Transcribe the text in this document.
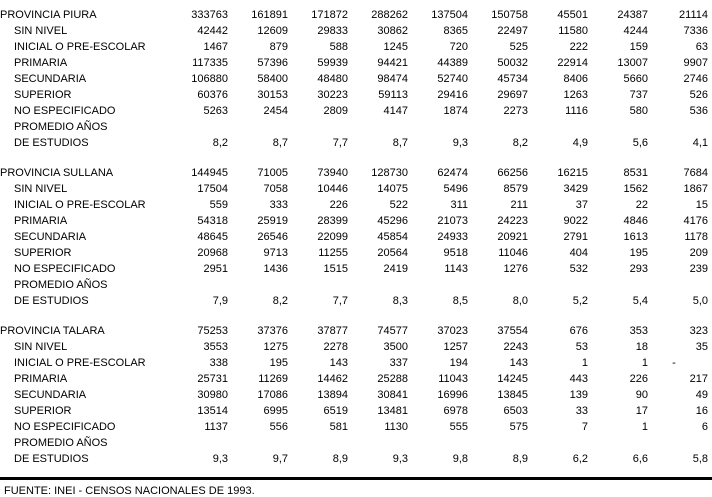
PROVINCIA PIURA	333763	161891	171872	288262	137504	150758	45501	24387	21114
SIN NIVEL	42442	12609	29833	30862	8365	22497	11580	4244	7336
INICIAL O PRE-ESCOLAR	1467	879	588	1245	720	525	222	159	63
PRIMARIA	117335	57396	59939	94421	44389	50032	22914	13007	9907
SECUNDARIA	106880	58400	48480	98474	52740	45734	8406	5660	2746
SUPERIOR	60376	30153	30223	59113	29416	29697	1263	737	526
NO ESPECIFICADO	5263	2454	2809	4147	1874	2273	1116	580	536
PROMEDIO AÑOS									
DE ESTUDIOS	8,2	8,7	7,7	8,7	9,3	8,2	4,9	5,6	4,1

PROVINCIA SULLANA	144945	71005	73940	128730	62474	66256	16215	8531	7684
SIN NIVEL	17504	7058	10446	14075	5496	8579	3429	1562	1867
INICIAL O PRE-ESCOLAR	559	333	226	522	311	211	37	22	15
PRIMARIA	54318	25919	28399	45296	21073	24223	9022	4846	4176
SECUNDARIA	48645	26546	22099	45854	24933	20921	2791	1613	1178
SUPERIOR	20968	9713	11255	20564	9518	11046	404	195	209
NO ESPECIFICADO	2951	1436	1515	2419	1143	1276	532	293	239
PROMEDIO AÑOS									
DE ESTUDIOS	7,9	8,2	7,7	8,3	8,5	8,0	5,2	5,4	5,0

PROVINCIA TALARA	75253	37376	37877	74577	37023	37554	676	353	323
SIN NIVEL	3553	1275	2278	3500	1257	2243	53	18	35
INICIAL O PRE-ESCOLAR	338	195	143	337	194	143	1	1	-
PRIMARIA	25731	11269	14462	25288	11043	14245	443	226	217
SECUNDARIA	30980	17086	13894	30841	16996	13845	139	90	49
SUPERIOR	13514	6995	6519	13481	6978	6503	33	17	16
NO ESPECIFICADO	1137	556	581	1130	555	575	7	1	6
PROMEDIO AÑOS									
DE ESTUDIOS	9,3	9,7	8,9	9,3	9,8	8,9	6,2	6,6	5,8
FUENTE: INEI - CENSOS NACIONALES DE 1993.
